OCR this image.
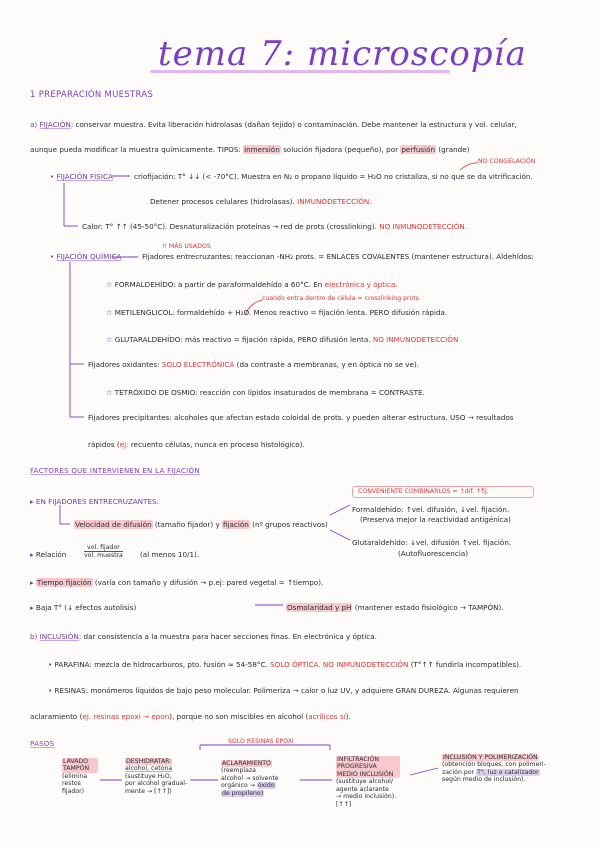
tema 7: microscopía
1 PREPARACIÓN MUESTRAS
a) FIJACIÓN: conservar muestra. Evita liberación hidrolasas (dañan tejido) o contaminación. Debe mantener la estructura y vol. celular,
aunque pueda modificar la muestra químicamente. TIPOS: inmersión solución fijadora (pequeño), por perfusión (grande)
NO CONGELACIÓN
• FIJACIÓN FÍSICA	criofijación: T° ↓↓ (< -70°C). Muestra en N₂ o propano líquido = H₂O no cristaliza, si no que se da vitrificación.
Detener procesos celulares (hidrolasas). INMUNODETECCIÓN.
Calor: T° ↑↑ (45-50°C). Desnaturalización proteínas → red de prots (crosslinking). NO INMUNODETECCIÓN.
!! MÁS USADOS
• FIJACIÓN QUÍMICA	Fijadores entrecruzantes: reaccionan -NH₂ prots. = ENLACES COVALENTES (mantener estructura). Aldehídos:
☆ FORMALDEHÍDO: a partir de paraformaldehído a 60°C. En electrónica y óptica.
cuando entra dentro de célula = crosslinking prots
☆ METILENGLICOL: formaldehído + H₂O. Menos reactivo = fijación lenta. PERO difusión rápida.
☆ GLUTARALDEHÍDO: más reactivo = fijación rápida, PERO difusión lenta. NO INMUNODETECCIÓN
Fijadores oxidantes: SOLO ELECTRÓNICA (da contraste a membranas, y en óptica no se ve).
☆ TETRÓXIDO DE OSMIO: reacción con lípidos insaturados de membrana = CONTRASTE.
Fijadores precipitantes: alcoholes que afectan estado coloidal de prots. y pueden alterar estructura. USO → resultados
rápidos (ej: recuento células, nunca en proceso histológico).
FACTORES QUE INTERVIENEN EN LA FIJACIÓN
CONVENIENTE COMBINARLOS = ↑dif. ↑fij.
▸ EN FIJADORES ENTRECRUZANTES:
Velocidad de difusión (tamaño fijador) y fijación (nº grupos reactivos)
Formaldehído: ↑vel. difusión, ↓vel. fijación.
(Preserva mejor la reactividad antigénica)
Glutaraldehído: ↓vel. difusión ↑vel. fijación.
(Autofluorescencia)
▸ Relación
vol. fijador
vol. muestra (al menos 10/1).
▸ Tiempo fijación (varía con tamaño y difusión → p.ej: pared vegetal = ↑tiempo).
▸ Baja T° (↓ efectos autolisis)	Osmolaridad y pH (mantener estado fisiológico → TAMPÓN).
b) INCLUSIÓN: dar consistencia a la muestra para hacer secciones finas. En electrónica y óptica.
• PARAFINA: mezcla de hidrocarburos, pto. fusión ≈ 54-58°C. SOLO ÓPTICA. NO INMUNODETECCIÓN (T°↑↑ fundirla incompatibles).
• RESINAS: monómeros líquidos de bajo peso molecular. Polimeriza → calor o luz UV, y adquiere GRAN DUREZA. Algunas requieren
aclaramiento (ej. resinas epoxi → epon), porque no son miscibles en alcohol (acrílicos sí).
PASOS	SOLO RESINAS EPOXI
LAVADO TAMPÓN
(elimina
restos
fijador)
DESHIDRATAR:
alcohol, cetona
(sustituye H₂O,
por alcohol gradual-
mente → [↑↑])
ACLARAMIENTO
(reemplaza
alcohol → solvente
orgánico → óxido
de propileno)
INFILTRACIÓN PROGRESIVA MEDIO INCLUSIÓN
(sustituye alcohol/
agente aclarante
→ medio inclusión).
[↑↑]
INCLUSIÓN Y POLIMERIZACIÓN
(obtención bloques, con polimeri-
zación por T°, luz o catalizador
según medio de inclusión).
